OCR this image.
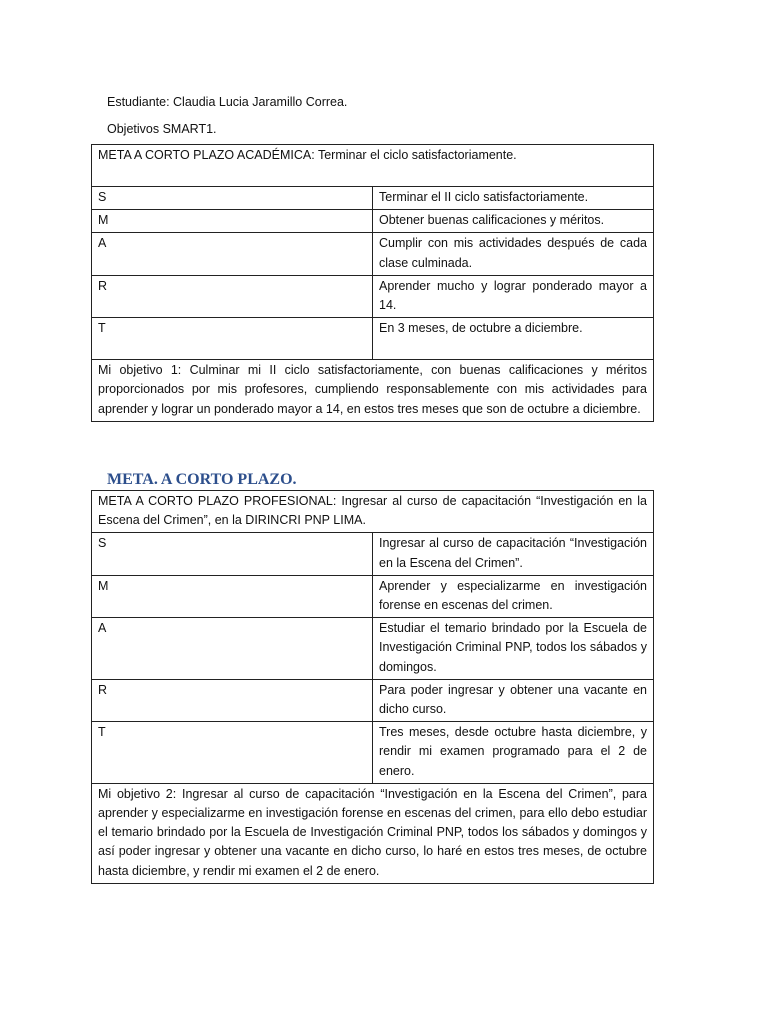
Estudiante: Claudia Lucia Jaramillo Correa.
Objetivos SMART1.
META A CORTO PLAZO ACADÉMICA: Terminar el ciclo satisfactoriamente.	
S	Terminar el II ciclo satisfactoriamente.
M	Obtener buenas calificaciones y méritos.
A	Cumplir con mis actividades después de cada clase culminada.
R	Aprender mucho y lograr ponderado mayor a 14.
T	En 3 meses, de octubre a diciembre.
Mi objetivo 1: Culminar mi II ciclo satisfactoriamente, con buenas calificaciones y méritos proporcionados por mis profesores, cumpliendo responsablemente con mis actividades para aprender y lograr un ponderado mayor a 14, en estos tres meses que son de octubre a diciembre.	
META. A CORTO PLAZO.
META A CORTO PLAZO PROFESIONAL: Ingresar al curso de capacitación “Investigación en la Escena del Crimen”, en la DIRINCRI PNP LIMA.	
S	Ingresar al curso de capacitación “Investigación en la Escena del Crimen”.
M	Aprender y especializarme en investigación forense en escenas del crimen.
A	Estudiar el temario brindado por la Escuela de Investigación Criminal PNP, todos los sábados y domingos.
R	Para poder ingresar y obtener una vacante en dicho curso.
T	Tres meses, desde octubre hasta diciembre, y rendir mi examen programado para el 2 de enero.
Mi objetivo 2: Ingresar al curso de capacitación “Investigación en la Escena del Crimen”, para aprender y especializarme en investigación forense en escenas del crimen, para ello debo estudiar el temario brindado por la Escuela de Investigación Criminal PNP, todos los sábados y domingos y así poder ingresar y obtener una vacante en dicho curso, lo haré en estos tres meses, de octubre hasta diciembre, y rendir mi examen el 2 de enero.	
